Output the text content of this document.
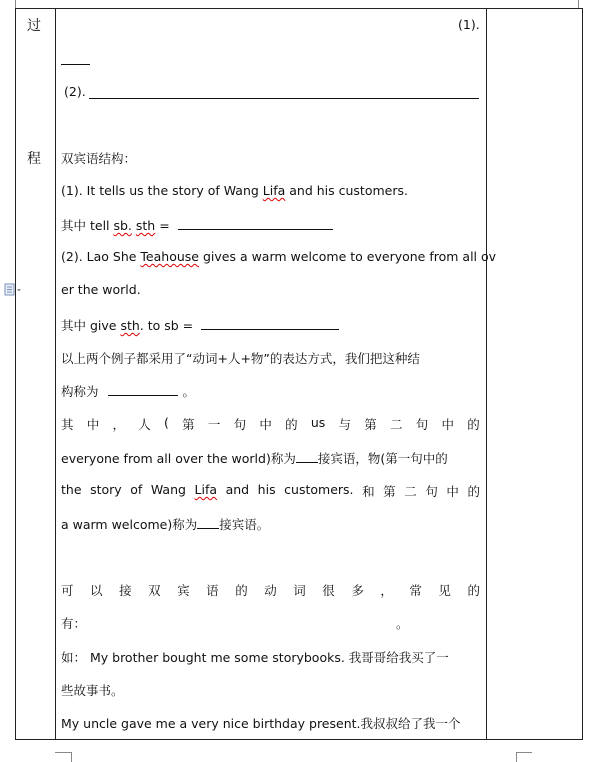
过
程
(1).
(2).
双宾语结构：
(1). It tells us the story of Wang Lifa and his customers.
其中 tell sb. sth =
(2). Lao She Teahouse gives a warm welcome to everyone from all ov
er the world.
其中 give sth. to sb =
以上两个例子都采用了“动词+人+物”的表达方式，我们把这种结
构称为	。
其 中 ， 人 ( 第 一 句 中 的 us 与 第 二 句 中 的
everyone from all over the world)称为 接宾语，物(第一句中的
the story of Wang Lifa and his customers. 和 第 二 句 中 的
a warm welcome)称为 接宾语。
可 以 接 双 宾 语 的 动 词 很 多 ， 常 见 的
有：	。
如： My brother bought me some storybooks. 我哥哥给我买了一
些故事书。
My uncle gave me a very nice birthday present.我叔叔给了我一个
